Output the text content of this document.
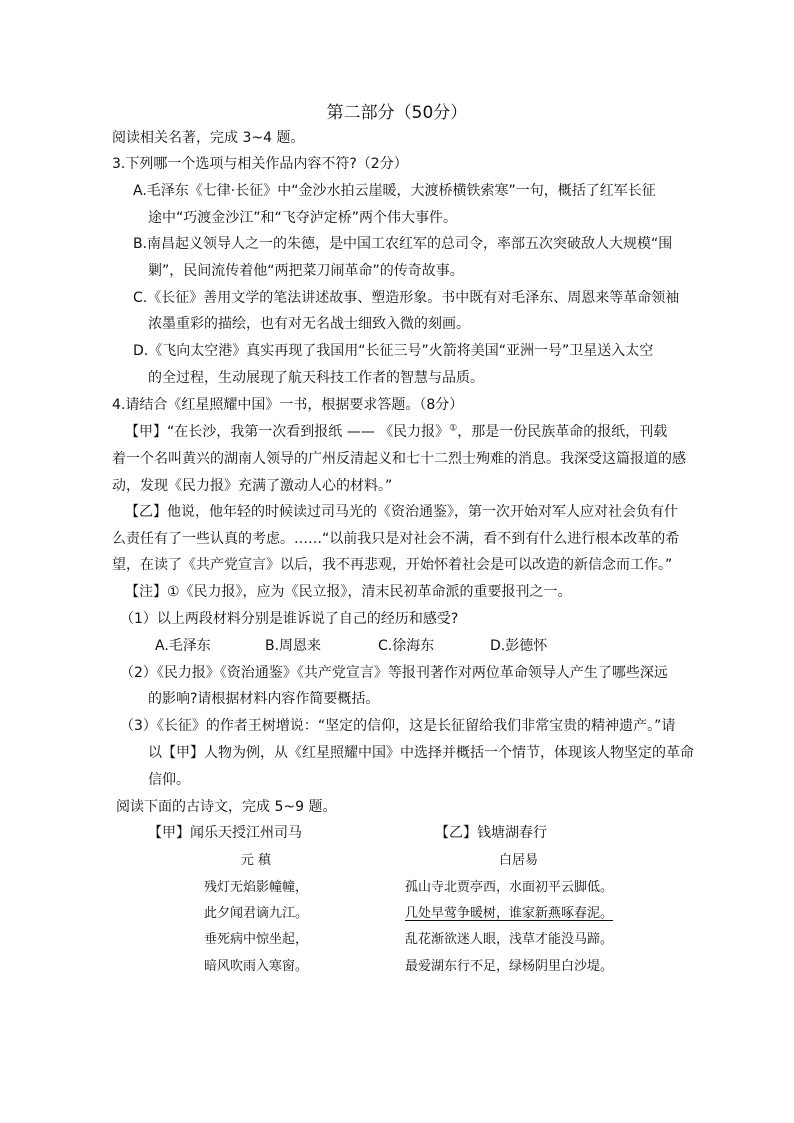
第二部分（50分）
阅读相关名著，完成 3~4 题。
3.下列哪一个选项与相关作品内容不符?（2分）
A.毛泽东《七律·长征》中“金沙水拍云崖暖，大渡桥横铁索寒”一句，概括了红军长征
途中“巧渡金沙江”和“飞夺泸定桥”两个伟大事件。
B.南昌起义领导人之一的朱德，是中国工农红军的总司令，率部五次突破敌人大规模“围
剿”，民间流传着他“两把菜刀闹革命”的传奇故事。
C.《长征》善用文学的笔法讲述故事、塑造形象。书中既有对毛泽东、周恩来等革命领袖
浓墨重彩的描绘，也有对无名战士细致入微的刻画。
D.《飞向太空港》真实再现了我国用“长征三号”火箭将美国“亚洲一号”卫星送入太空
的全过程，生动展现了航天科技工作者的智慧与品质。
4.请结合《红星照耀中国》一书，根据要求答题。（8分）
【甲】“在长沙，我第一次看到报纸 —— 《民力报》①，那是一份民族革命的报纸，刊载
着一个名叫黄兴的湖南人领导的广州反清起义和七十二烈士殉难的消息。我深受这篇报道的感
动，发现《民力报》充满了激动人心的材料。”
【乙】他说，他年轻的时候读过司马光的《资治通鉴》，第一次开始对军人应对社会负有什
么责任有了一些认真的考虑。……“以前我只是对社会不满，看不到有什么进行根本改革的希
望，在读了《共产党宣言》以后，我不再悲观，开始怀着社会是可以改造的新信念而工作。”
【注】①《民力报》，应为《民立报》，清末民初革命派的重要报刊之一。
（1）以上两段材料分别是谁诉说了自己的经历和感受?
A.毛泽东	B.周恩来	C.徐海东	D.彭德怀
（2）《民力报》《资治通鉴》《共产党宣言》等报刊著作对两位革命领导人产生了哪些深远
的影响?请根据材料内容作简要概括。
（3）《长征》的作者王树增说：“坚定的信仰，这是长征留给我们非常宝贵的精神遗产。”请
以【甲】人物为例，从《红星照耀中国》中选择并概括一个情节，体现该人物坚定的革命
信仰。
阅读下面的古诗文，完成 5~9 题。
【甲】闻乐天授江州司马
元 稹
残灯无焰影幢幢，
此夕闻君谪九江。
垂死病中惊坐起，
暗风吹雨入寒窗。
【乙】钱塘湖春行
白居易
孤山寺北贾亭西，水面初平云脚低。
几处早莺争暖树，谁家新燕啄春泥。
乱花渐欲迷人眼，浅草才能没马蹄。
最爱湖东行不足，绿杨阴里白沙堤。
